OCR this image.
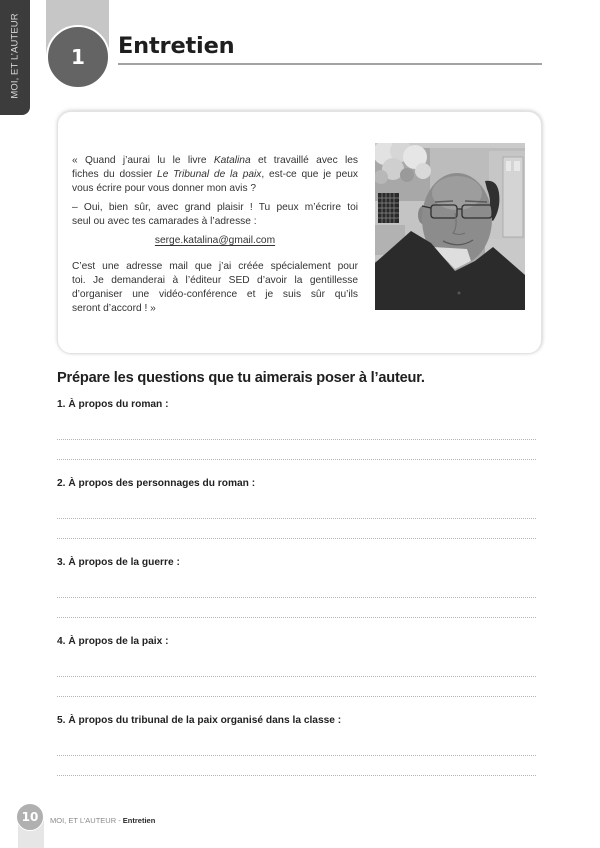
MOI, ET L’AUTEUR	1 Entretien
« Quand j’aurai lu le livre Katalina et travaillé avec les
fiches du dossier Le Tribunal de la paix, est-ce que je peux
vous écrire pour vous donner mon avis ?
– Oui, bien sûr, avec grand plaisir ! Tu peux m’écrire toi
seul ou avec tes camarades à l’adresse :
serge.katalina@gmail.com
C’est une adresse mail que j’ai créée spécialement pour
toi. Je demanderai à l’éditeur SED d’avoir la gentillesse
d’organiser une vidéo-conférence et je suis sûr qu’ils
seront d’accord ! »
Prépare les questions que tu aimerais poser à l’auteur.
1. À propos du roman :
2. À propos des personnages du roman :
3. À propos de la guerre :
4. À propos de la paix :
5. À propos du tribunal de la paix organisé dans la classe :
10 MOI, ET L’AUTEUR - Entretien
